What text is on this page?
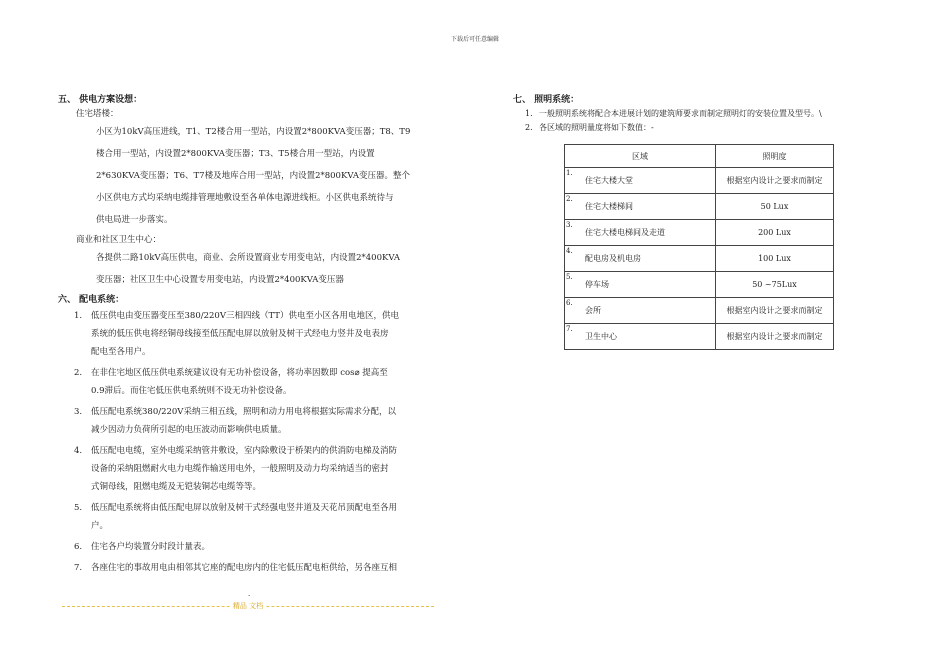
下载后可任意编辑
五、 供电方案设想：
住宅塔楼：

小区为10kV高压进线，T1、T2楼合用一型站，内设置2*800KVA变压器；T8、T9

楼合用一型站，内设置2*800KVA变压器；T3、T5楼合用一型站，内设置

2*630KVA变压器；T6、T7楼及地库合用一型站，内设置2*800KVA变压器。整个

小区供电方式均采纳电缆排管理地敷设至各单体电源进线柜。小区供电系统待与

供电局进一步落实。

商业和社区卫生中心：

各提供二路10kV高压供电，商业、会所设置商业专用变电站，内设置2*400KVA

变压器；社区卫生中心设置专用变电站，内设置2*400KVA变压器

六、 配电系统：
1. 低压供电由变压器变压至380/220V三相四线（TT）供电至小区各用电地区，供电
系统的低压供电将经铜母线接至低压配电屏以放射及树干式经电力竖井及电表房
配电至各用户。
2. 在非住宅地区低压供电系统建议设有无功补偿设备，将功率因数即 cos⌀ 提高至
0.9滞后。而住宅低压供电系统则不设无功补偿设备。
3. 低压配电系统380/220V采纳三相五线，照明和动力用电将根据实际需求分配，以
减少因动力负荷所引起的电压波动而影响供电质量。
4. 低压配电电缆，室外电缆采纳管井敷设，室内除敷设于桥架内的供消防电梯及消防
设备的采纳阻燃耐火电力电缆作输送用电外，一般照明及动力均采纳适当的密封
式铜母线，阻燃电缆及无铠装铜芯电缆等等。
5. 低压配电系统将由低压配电屏以放射及树干式经强电竖井道及天花吊顶配电至各用
户。
6. 住宅各户均装置分时段计量表。
7. 各座住宅的事故用电由相邻其它座的配电房内的住宅低压配电柜供给，另各座互相
·
精品 文档
七、 照明系统：
1. 一般照明系统将配合本进展计划的建筑师要求而制定照明灯的安装位置及型号。\
2. 各区域的照明量度将如下数值：-
区域	照明度

1.
住宅大楼大堂	根据室内设计之要求而制定

2.
住宅大楼梯间	50 Lux

3.
住宅大楼电梯间及走道	200 Lux

4.
配电房及机电房	100 Lux

5.
停车场	50 ~75Lux

6.
会所	根据室内设计之要求而制定

7.
卫生中心	根据室内设计之要求而制定
